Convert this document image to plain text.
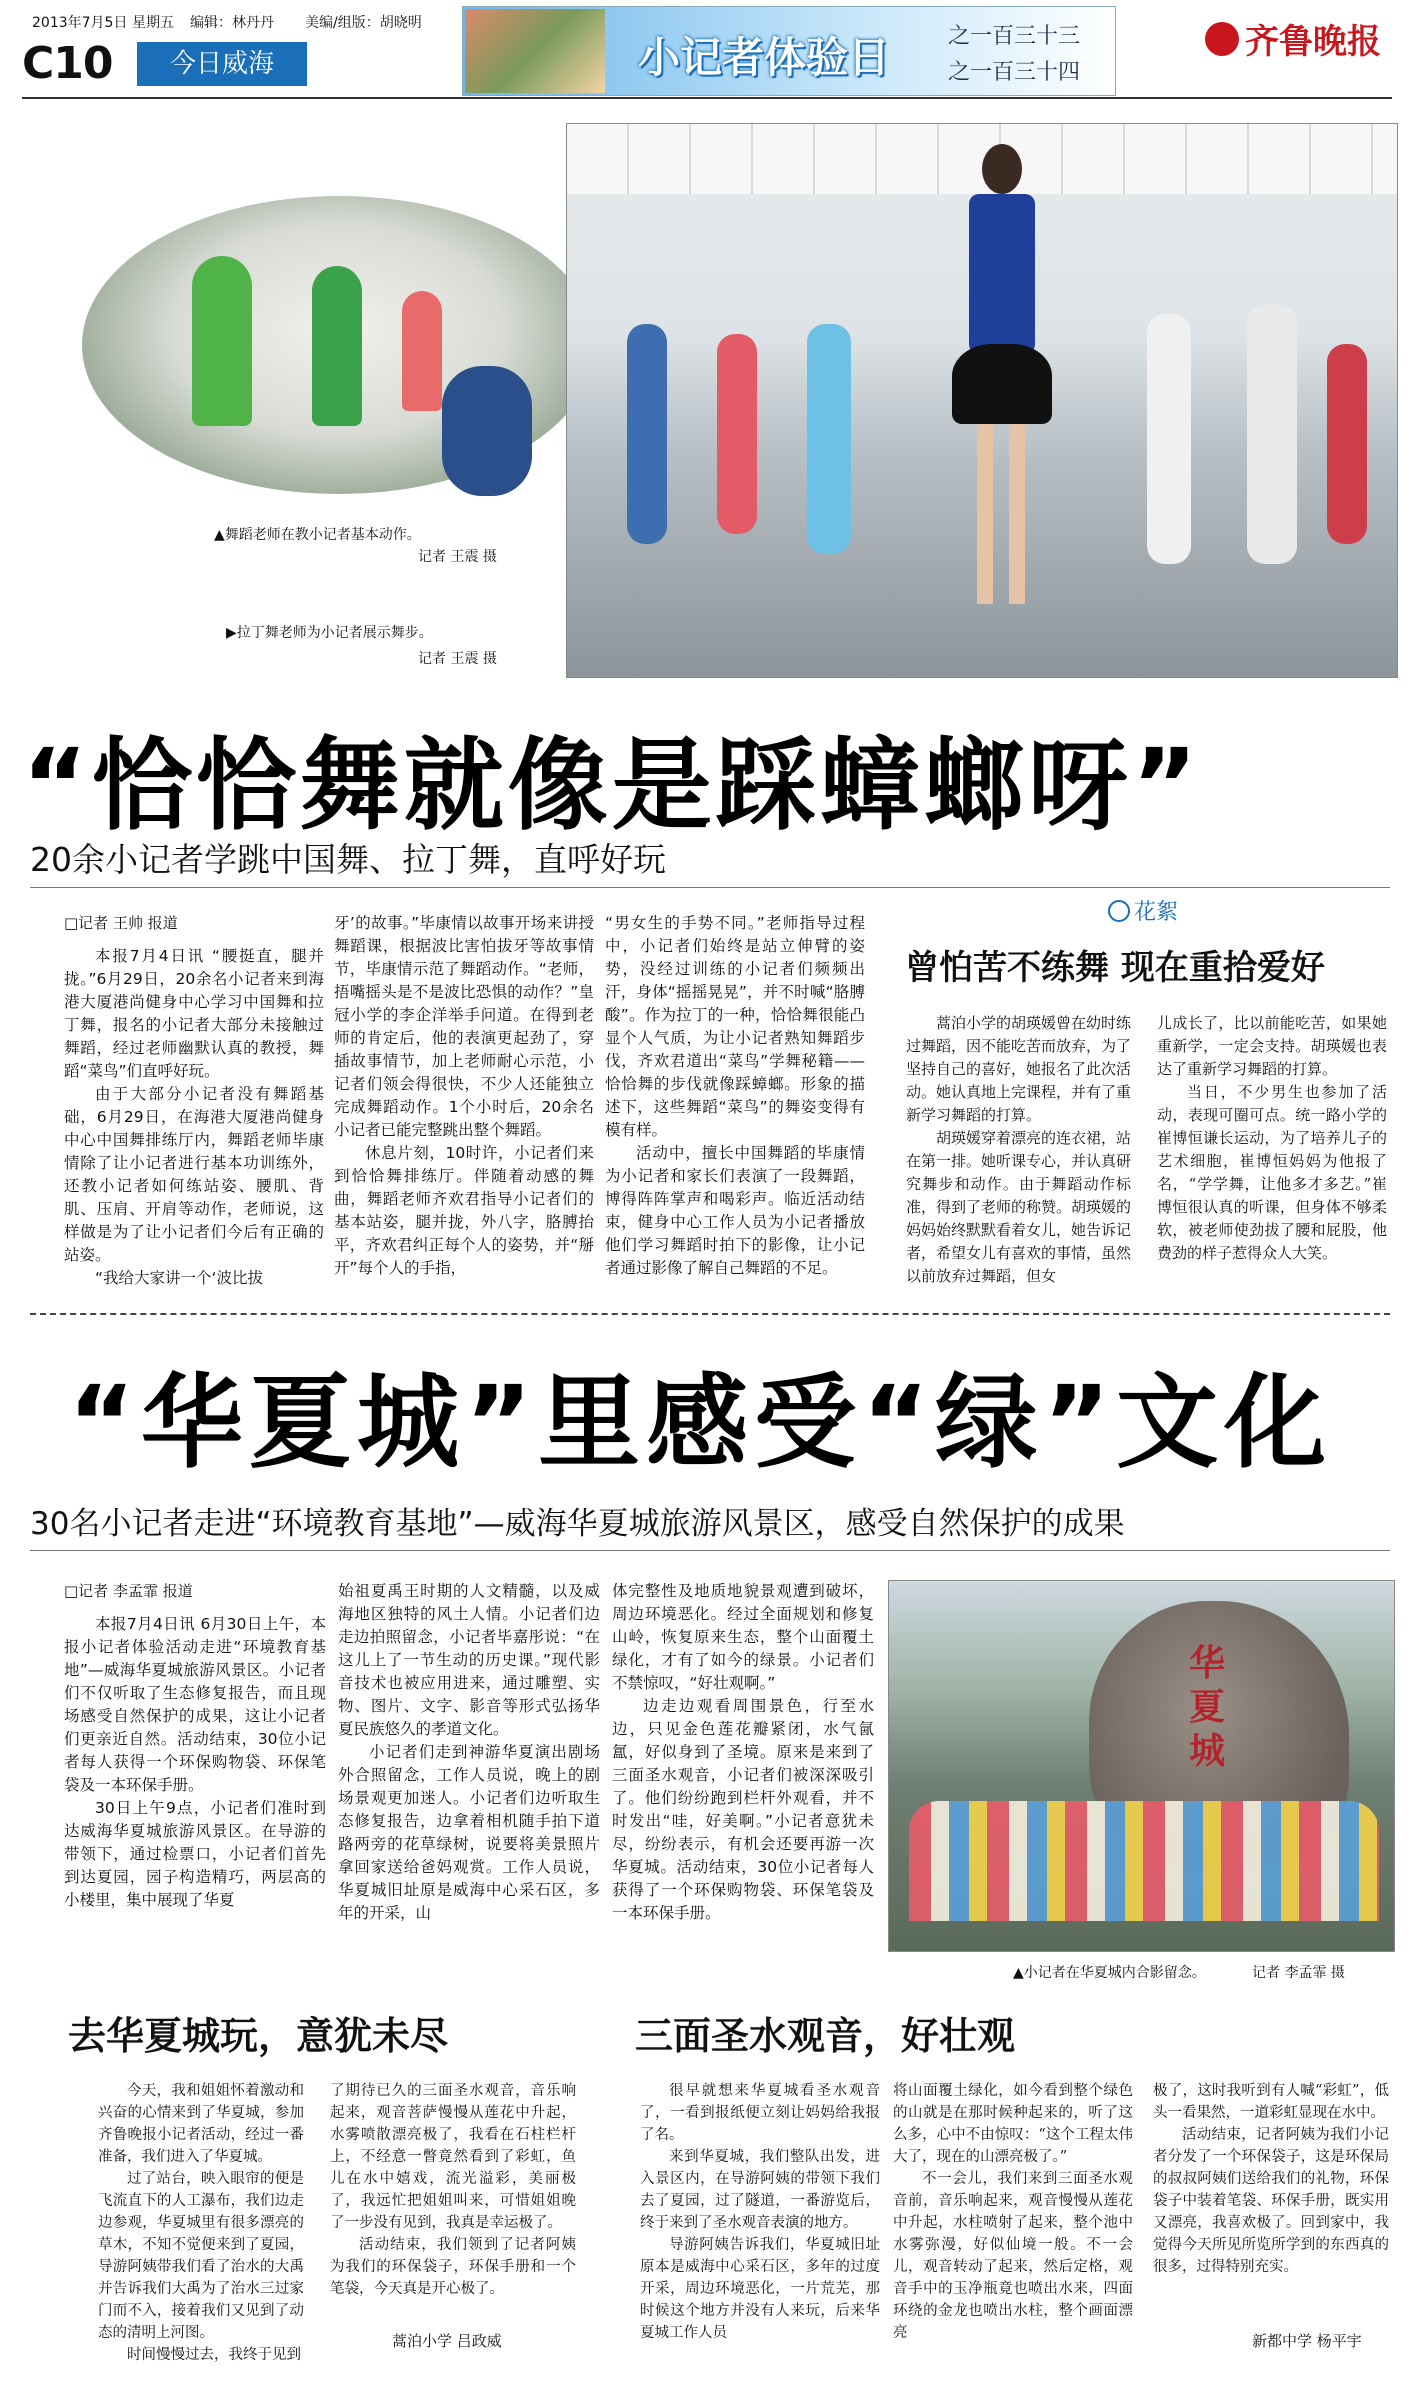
2013年7月5日 星期五 编辑：林丹丹 美编/组版：胡晓明
C10	今日威海	小记者体验日	之一百三十三
之一百三十四
齐鲁晚报
▲舞蹈老师在教小记者基本动作。
记者 王震 摄
▶拉丁舞老师为小记者展示舞步。
记者 王震 摄
“恰恰舞就像是踩蟑螂呀”
20余小记者学跳中国舞、拉丁舞，直呼好玩
□记者 王帅 报道

本报7月4日讯 “腰挺直，腿并拢。”6月29日，20余名小记者来到海港大厦港尚健身中心学习中国舞和拉丁舞，报名的小记者大部分未接触过舞蹈，经过老师幽默认真的教授，舞蹈“菜鸟”们直呼好玩。

由于大部分小记者没有舞蹈基础，6月29日，在海港大厦港尚健身中心中国舞排练厅内，舞蹈老师毕康情除了让小记者进行基本功训练外，还教小记者如何练站姿、腰肌、背肌、压肩、开肩等动作，老师说，这样做是为了让小记者们今后有正确的站姿。

“我给大家讲一个‘波比拔

牙’的故事。”毕康情以故事开场来讲授舞蹈课，根据波比害怕拔牙等故事情节，毕康情示范了舞蹈动作。“老师，捂嘴摇头是不是波比恐惧的动作？”皇冠小学的李企洋举手问道。在得到老师的肯定后，他的表演更起劲了，穿插故事情节，加上老师耐心示范，小记者们领会得很快，不少人还能独立完成舞蹈动作。1个小时后，20余名小记者已能完整跳出整个舞蹈。

休息片刻，10时许，小记者们来到恰恰舞排练厅。伴随着动感的舞曲，舞蹈老师齐欢君指导小记者们的基本站姿，腿并拢，外八字，胳膊抬平，齐欢君纠正每个人的姿势，并“掰开”每个人的手指，

“男女生的手势不同。”老师指导过程中，小记者们始终是站立伸臂的姿势，没经过训练的小记者们频频出汗，身体“摇摇晃晃”，并不时喊“胳膊酸”。作为拉丁的一种，恰恰舞很能凸显个人气质，为让小记者熟知舞蹈步伐，齐欢君道出“菜鸟”学舞秘籍——恰恰舞的步伐就像踩蟑螂。形象的描述下，这些舞蹈“菜鸟”的舞姿变得有模有样。

活动中，擅长中国舞蹈的毕康情为小记者和家长们表演了一段舞蹈，博得阵阵掌声和喝彩声。临近活动结束，健身中心工作人员为小记者播放他们学习舞蹈时拍下的影像，让小记者通过影像了解自己舞蹈的不足。

花絮
曾怕苦不练舞 现在重拾爱好

蒿泊小学的胡瑛媛曾在幼时练过舞蹈，因不能吃苦而放弃，为了坚持自己的喜好，她报名了此次活动。她认真地上完课程，并有了重新学习舞蹈的打算。

胡瑛媛穿着漂亮的连衣裙，站在第一排。她听课专心，并认真研究舞步和动作。由于舞蹈动作标准，得到了老师的称赞。胡瑛媛的妈妈始终默默看着女儿，她告诉记者，希望女儿有喜欢的事情，虽然以前放弃过舞蹈，但女

儿成长了，比以前能吃苦，如果她重新学，一定会支持。胡瑛媛也表达了重新学习舞蹈的打算。

当日，不少男生也参加了活动，表现可圈可点。统一路小学的崔博恒谦长运动，为了培养儿子的艺术细胞，崔博恒妈妈为他报了名，“学学舞，让他多才多艺。”崔博恒很认真的听课，但身体不够柔软，被老师使劲拔了腰和屁股，他费劲的样子惹得众人大笑。

“华夏城”里感受“绿”文化
30名小记者走进“环境教育基地”—威海华夏城旅游风景区，感受自然保护的成果
□记者 李孟霏 报道

本报7月4日讯 6月30日上午，本报小记者体验活动走进“环境教育基地”—威海华夏城旅游风景区。小记者们不仅听取了生态修复报告，而且现场感受自然保护的成果，这让小记者们更亲近自然。活动结束，30位小记者每人获得一个环保购物袋、环保笔袋及一本环保手册。

30日上午9点，小记者们准时到达威海华夏城旅游风景区。在导游的带领下，通过检票口，小记者们首先到达夏园，园子构造精巧，两层高的小楼里，集中展现了华夏

始祖夏禹王时期的人文精髓，以及威海地区独特的风土人情。小记者们边走边拍照留念，小记者毕嘉彤说：“在这儿上了一节生动的历史课。”现代影音技术也被应用进来，通过雕塑、实物、图片、文字、影音等形式弘扬华夏民族悠久的孝道文化。

小记者们走到神游华夏演出剧场外合照留念，工作人员说，晚上的剧场景观更加迷人。小记者们边听取生态修复报告，边拿着相机随手拍下道路两旁的花草绿树，说要将美景照片拿回家送给爸妈观赏。工作人员说，华夏城旧址原是威海中心采石区，多年的开采，山

体完整性及地质地貌景观遭到破坏，周边环境恶化。经过全面规划和修复山岭，恢复原来生态，整个山面覆土绿化，才有了如今的绿景。小记者们不禁惊叹，“好壮观啊。”

边走边观看周围景色，行至水边，只见金色莲花瓣紧闭，水气氤氲，好似身到了圣境。原来是来到了三面圣水观音，小记者们被深深吸引了。他们纷纷跑到栏杆外观看，并不时发出“哇，好美啊。”小记者意犹未尽，纷纷表示，有机会还要再游一次华夏城。活动结束，30位小记者每人获得了一个环保购物袋、环保笔袋及一本环保手册。

华夏城
▲小记者在华夏城内合影留念。	记者 李孟霏 摄
去华夏城玩，意犹未尽

今天，我和姐姐怀着激动和兴奋的心情来到了华夏城，参加齐鲁晚报小记者活动，经过一番准备，我们进入了华夏城。

过了站台，映入眼帘的便是飞流直下的人工瀑布，我们边走边参观，华夏城里有很多漂亮的草木，不知不觉便来到了夏园，导游阿姨带我们看了治水的大禹并告诉我们大禹为了治水三过家门而不入，接着我们又见到了动态的清明上河图。

时间慢慢过去，我终于见到

了期待已久的三面圣水观音，音乐响起来，观音菩萨慢慢从莲花中升起，水雾喷散漂亮极了，我看在石柱栏杆上，不经意一瞥竟然看到了彩虹，鱼儿在水中嬉戏，流光溢彩，美丽极了，我远忙把姐姐叫来，可惜姐姐晚了一步没有见到，我真是幸运极了。

活动结束，我们领到了记者阿姨为我们的环保袋子，环保手册和一个笔袋，今天真是开心极了。

蒿泊小学 吕政威
三面圣水观音，好壮观

很早就想来华夏城看圣水观音了，一看到报纸便立刻让妈妈给我报了名。

来到华夏城，我们整队出发，进入景区内，在导游阿姨的带领下我们去了夏园，过了隧道，一番游览后，终于来到了圣水观音表演的地方。

导游阿姨告诉我们，华夏城旧址原本是威海中心采石区，多年的过度开采，周边环境恶化，一片荒芜，那时候这个地方并没有人来玩，后来华夏城工作人员

将山面覆土绿化，如今看到整个绿色的山就是在那时候种起来的，听了这么多，心中不由惊叹：“这个工程太伟大了，现在的山漂亮极了。”

不一会儿，我们来到三面圣水观音前，音乐响起来，观音慢慢从莲花中升起，水柱喷射了起来，整个池中水雾弥漫，好似仙境一般。不一会儿，观音转动了起来，然后定格，观音手中的玉净瓶竟也喷出水来，四面环绕的金龙也喷出水柱，整个画面漂亮

极了，这时我听到有人喊“彩虹”，低头一看果然，一道彩虹显现在水中。

活动结束，记者阿姨为我们小记者分发了一个环保袋子，这是环保局的叔叔阿姨们送给我们的礼物，环保袋子中装着笔袋、环保手册，既实用又漂亮，我喜欢极了。回到家中，我觉得今天所见所览所学到的东西真的很多，过得特别充实。

新都中学 杨平宇
